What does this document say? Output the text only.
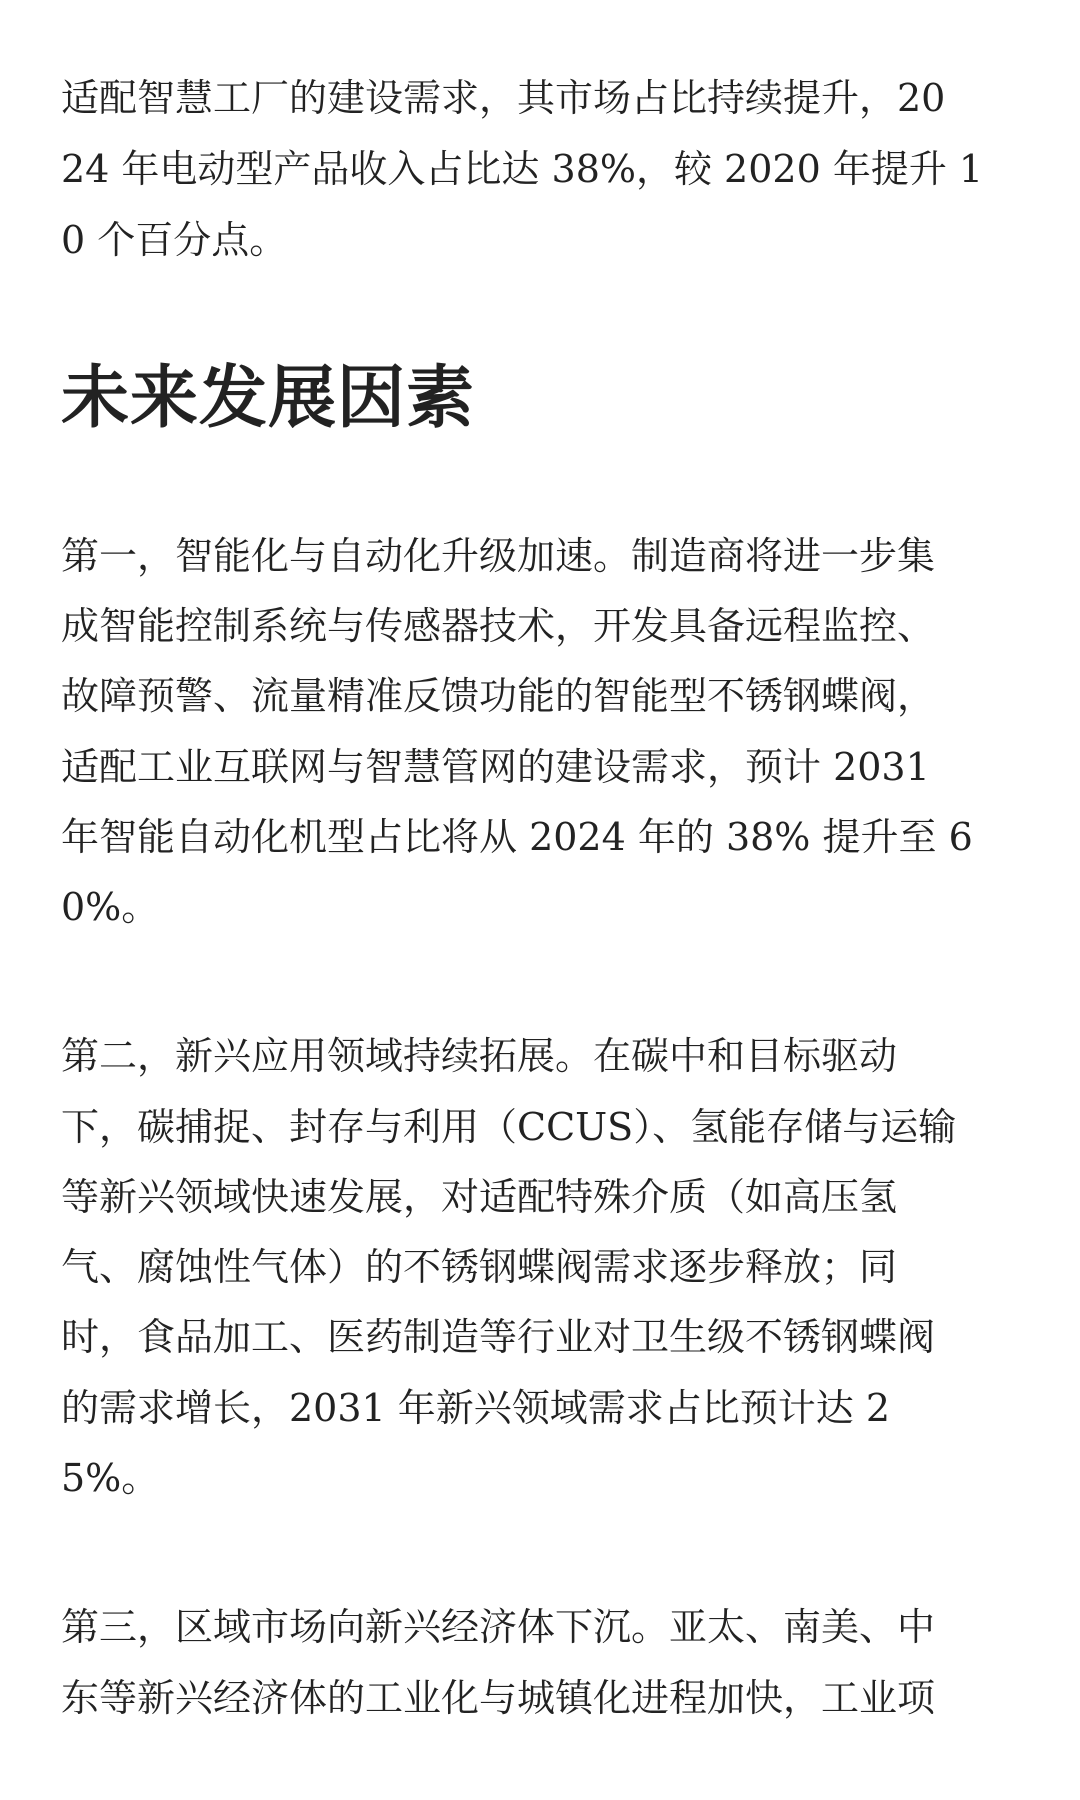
适配智慧工厂的建设需求，其市场占比持续提升，20

24 年电动型产品收入占比达 38%，较 2020 年提升 1

0 个百分点。

未来发展因素

第一，智能化与自动化升级加速。制造商将进一步集

成智能控制系统与传感器技术，开发具备远程监控、

故障预警、流量精准反馈功能的智能型不锈钢蝶阀，

适配工业互联网与智慧管网的建设需求，预计 2031

年智能自动化机型占比将从 2024 年的 38% 提升至 6

0%。

第二，新兴应用领域持续拓展。在碳中和目标驱动

下，碳捕捉、封存与利用（CCUS）、氢能存储与运输

等新兴领域快速发展，对适配特殊介质（如高压氢

气、腐蚀性气体）的不锈钢蝶阀需求逐步释放；同

时，食品加工、医药制造等行业对卫生级不锈钢蝶阀

的需求增长，2031 年新兴领域需求占比预计达 2

5%。

第三，区域市场向新兴经济体下沉。亚太、南美、中

东等新兴经济体的工业化与城镇化进程加快，工业项
